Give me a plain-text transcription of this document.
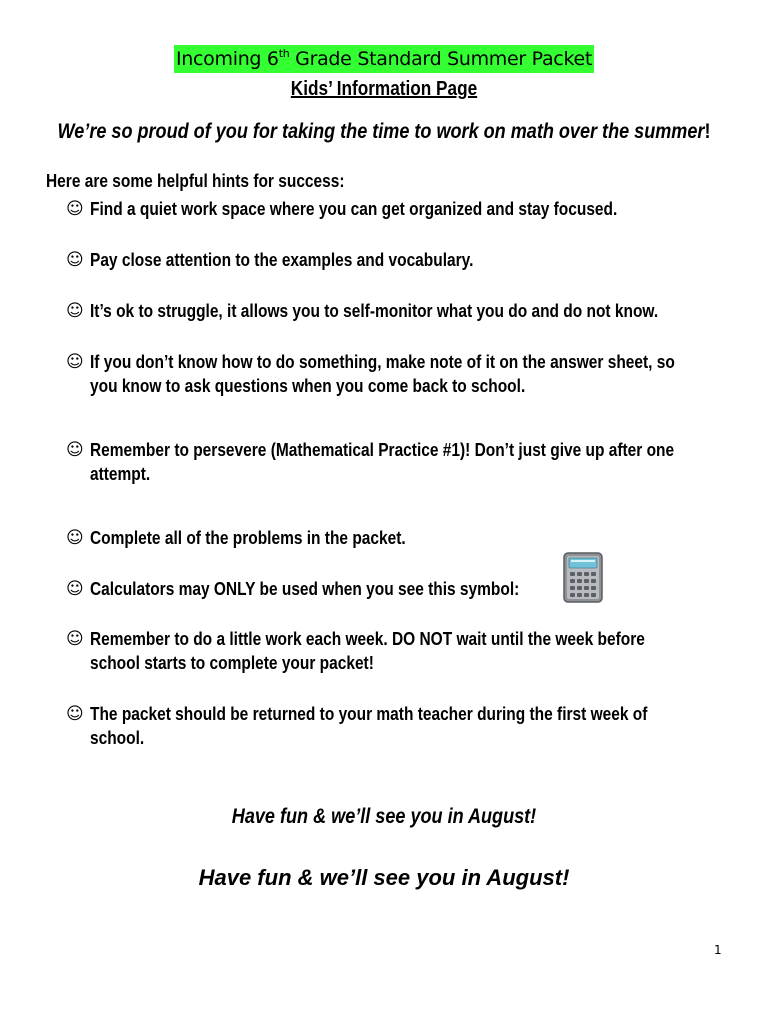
Incoming 6th Grade Standard Summer Packet
Kids’ Information Page
We’re so proud of you for taking the time to work on math over the summer!
Here are some helpful hints for success:
☺ Find a quiet work space where you can get organized and stay focused.
☺ Pay close attention to the examples and vocabulary.
☺ It’s ok to struggle, it allows you to self-monitor what you do and do not know.
☺ If you don’t know how to do something, make note of it on the answer sheet, so
you know to ask questions when you come back to school.
☺ Remember to persevere (Mathematical Practice #1)! Don’t just give up after one
attempt.
☺ Complete all of the problems in the packet.
☺ Calculators may ONLY be used when you see this symbol:
☺ Remember to do a little work each week. DO NOT wait until the week before
school starts to complete your packet!
☺ The packet should be returned to your math teacher during the first week of
school.
Have fun & we’ll see you in August!
Have fun & we’ll see you in August!
1
